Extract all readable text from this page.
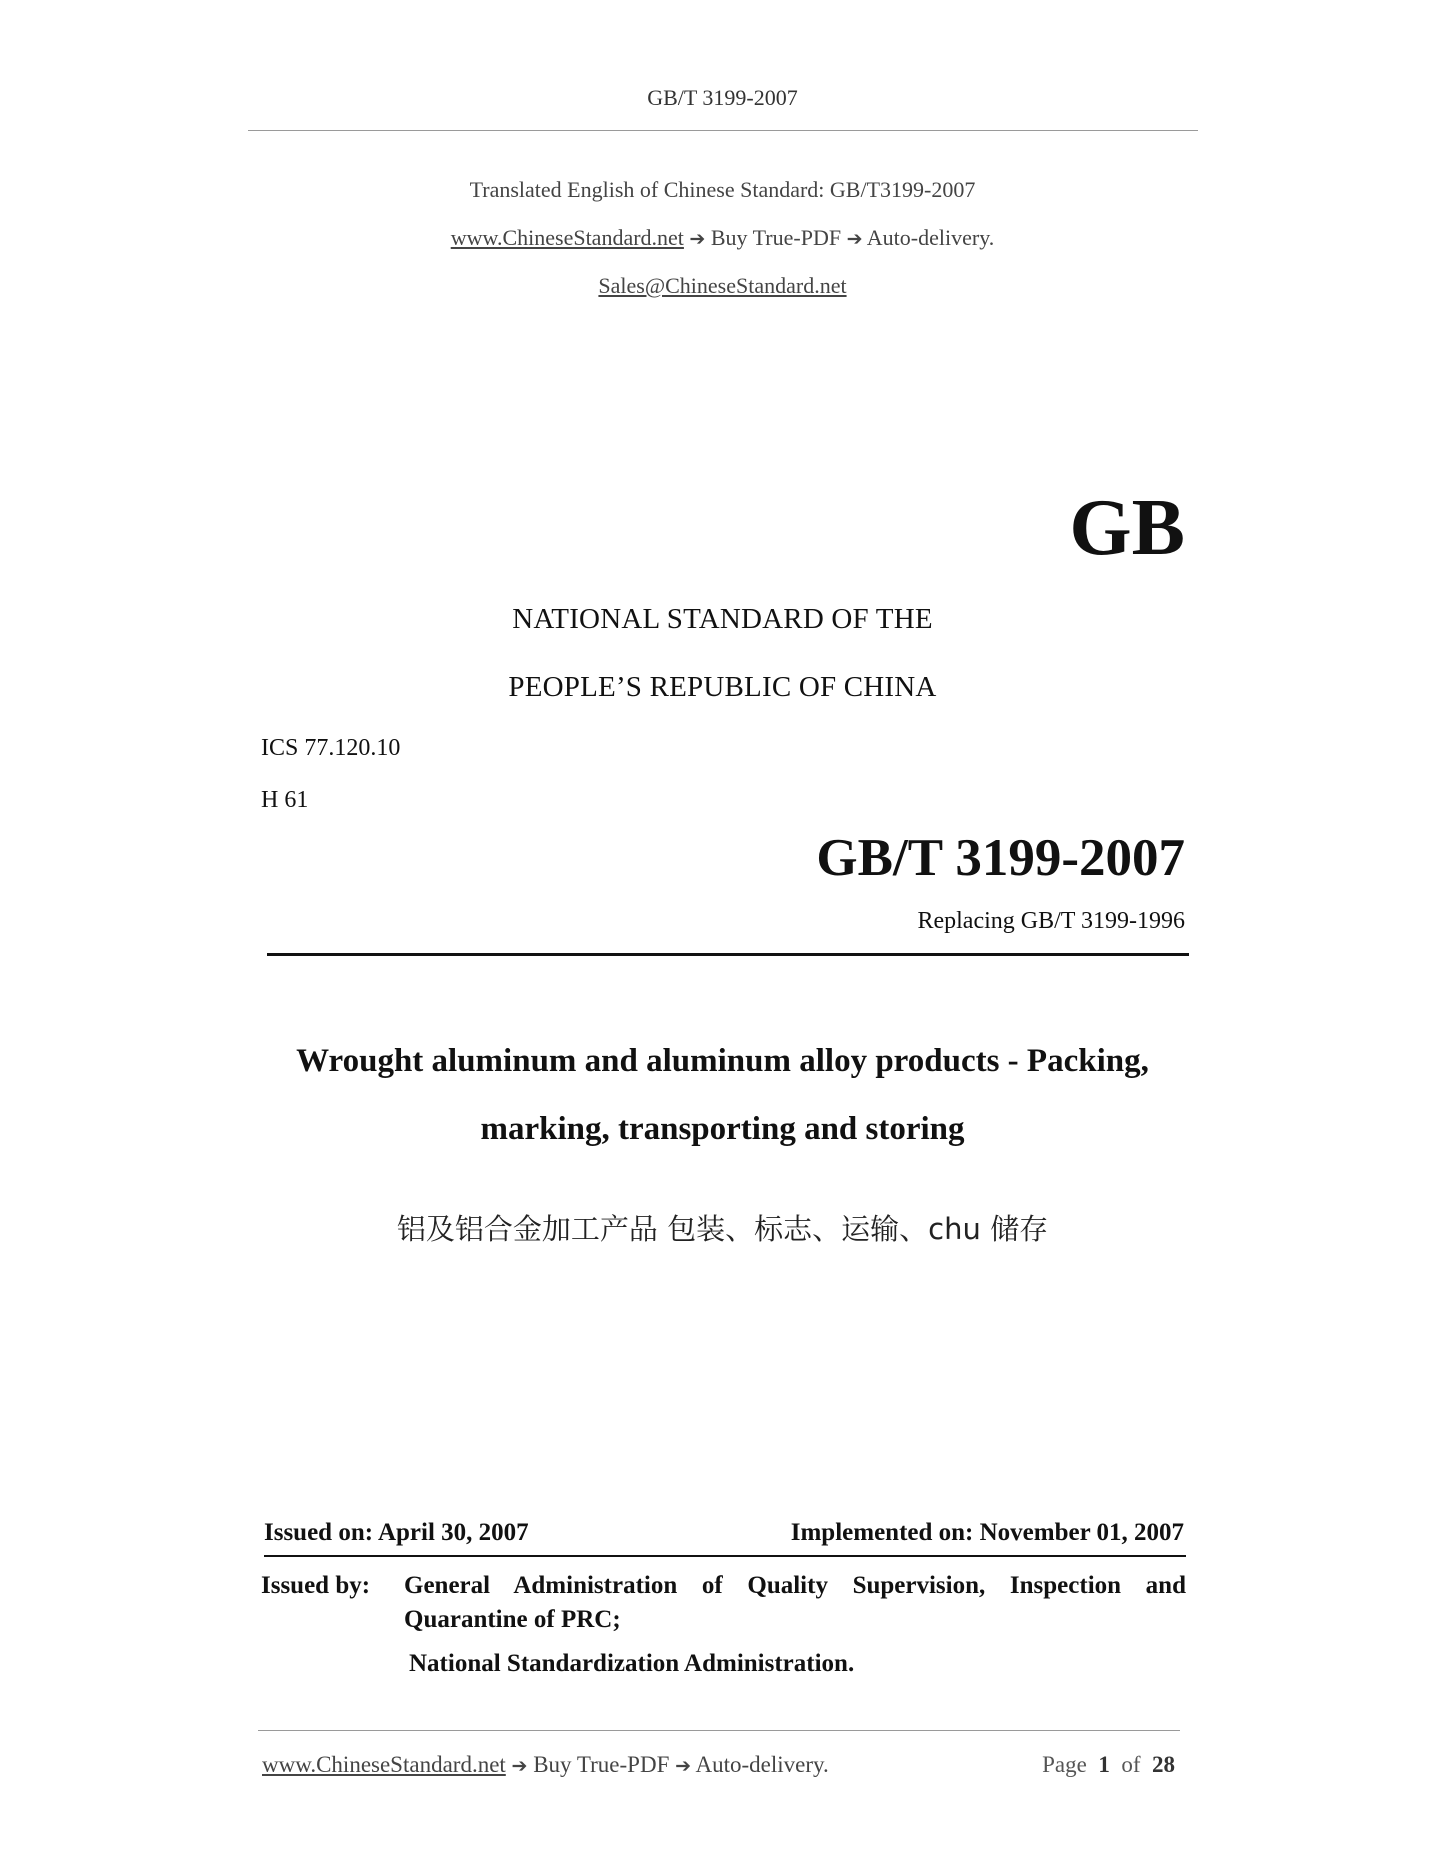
GB/T 3199-2007
Translated English of Chinese Standard: GB/T3199-2007
www.ChineseStandard.net ➔ Buy True-PDF ➔ Auto-delivery.
Sales@ChineseStandard.net
GB
NATIONAL STANDARD OF THE
PEOPLE’S REPUBLIC OF CHINA
ICS 77.120.10
H 61
GB/T 3199-2007
Replacing GB/T 3199-1996
Wrought aluminum and aluminum alloy products - Packing,
marking, transporting and storing
铝及铝合金加工产品 包装、标志、运输、chu 储存
Issued on: April 30, 2007	Implemented on: November 01, 2007
Issued by: General Administration of Quality Supervision, Inspection and
Quarantine of PRC;
National Standardization Administration.
www.ChineseStandard.net ➔ Buy True-PDF ➔ Auto-delivery.	Page 1 of 28
